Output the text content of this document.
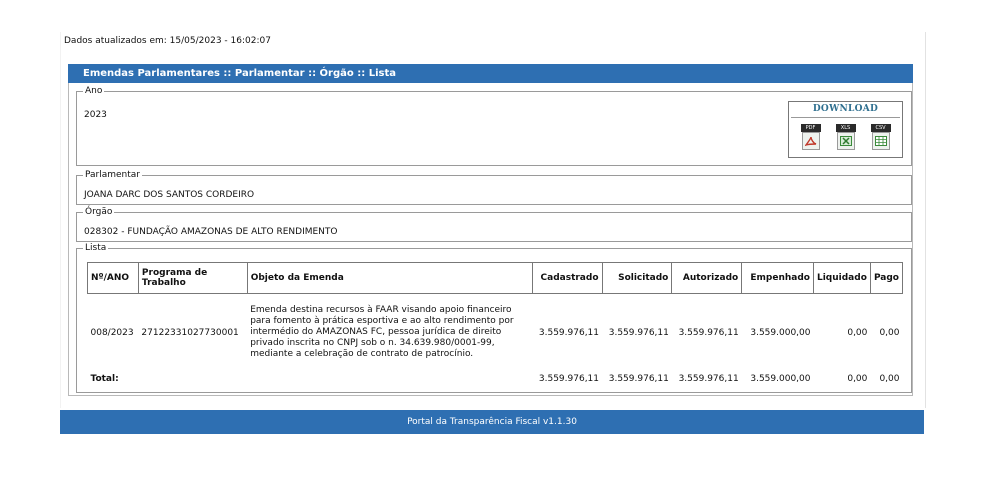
Dados atualizados em: 15/05/2023 - 16:02:07
Emendas Parlamentares :: Parlamentar :: Órgão :: Lista
Ano
2023
DOWNLOAD
PDF	XLS	CSV
Parlamentar
JOANA DARC DOS SANTOS CORDEIRO
Órgão
028302 - FUNDAÇÃO AMAZONAS DE ALTO RENDIMENTO
Lista
Nº/ANO	Programa de Trabalho	Objeto da Emenda	Cadastrado	Solicitado	Autorizado	Empenhado	Liquidado	Pago
008/2023	27122331027730001	Emenda destina recursos à FAAR visando apoio financeiro para fomento à prática esportiva e ao alto rendimento por intermédio do AMAZONAS FC, pessoa jurídica de direito privado inscrita no CNPJ sob o n. 34.639.980/0001-99, mediante a celebração de contrato de patrocínio.	3.559.976,11	3.559.976,11	3.559.976,11	3.559.000,00	0,00	0,00
Total:			3.559.976,11	3.559.976,11	3.559.976,11	3.559.000,00	0,00	0,00
Portal da Transparência Fiscal v1.1.30
